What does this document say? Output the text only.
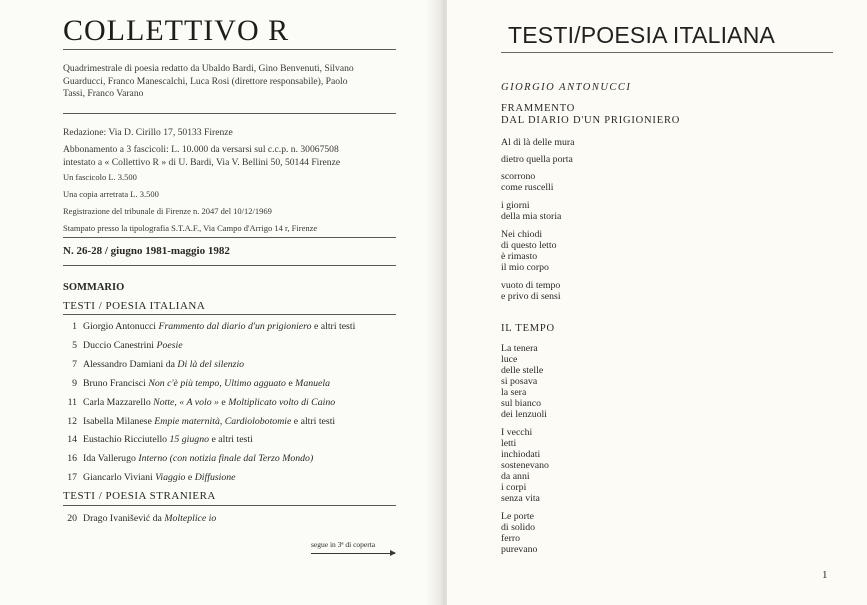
COLLETTIVO R
Quadrimestrale di poesia redatto da Ubaldo Bardi, Gino Benvenuti, Silvano
Guarducci, Franco Manescalchi, Luca Rosi (direttore responsabile), Paolo
Tassi, Franco Varano
Redazione: Via D. Cirillo 17, 50133 Firenze
Abbonamento a 3 fascicoli: L. 10.000 da versarsi sul c.c.p. n. 30067508
intestato a « Collettivo R » di U. Bardi, Via V. Bellini 50, 50144 Firenze
Un fascicolo L. 3.500
Una copia arretrata L. 3.500
Registrazione del tribunale di Firenze n. 2047 del 10/12/1969
Stampato presso la tipolografia S.T.A.F., Via Campo d'Arrigo 14 r, Firenze
N. 26-28 / giugno 1981-maggio 1982
SOMMARIO
TESTI / POESIA ITALIANA
1 Giorgio Antonucci Frammento dal diario d'un prigioniero e altri testi
5 Duccio Canestrini Poesie
7 Alessandro Damiani da Di là del silenzio
9 Bruno Francisci Non c'è più tempo, Ultimo agguato e Manuela
11 Carla Mazzarello Notte, « A volo » e Moltiplicato volto di Caino
12 Isabella Milanese Empie maternità, Cardiolobotomie e altri testi
14 Eustachio Ricciutello 15 giugno e altri testi
16 Ida Vallerugo Interno (con notizia finale dal Terzo Mondo)
17 Giancarlo Viviani Viaggio e Diffusione
TESTI / POESIA STRANIERA
20 Drago Ivanišević da Molteplice io
segue in 3ª di coperta
TESTI/POESIA ITALIANA
GIORGIO ANTONUCCI
FRAMMENTO
DAL DIARIO D'UN PRIGIONIERO
Al di là delle mura
dietro quella porta
scorrono
come ruscelli
i giorni
della mia storia
Nei chiodi
di questo letto
è rimasto
il mio corpo
vuoto di tempo
e privo di sensi
IL TEMPO
La tenera
luce
delle stelle
si posava
la sera
sul bianco
dei lenzuoli
I vecchi
letti
inchiodati
sostenevano
da anni
i corpi
senza vita
Le porte
di solido
ferro
purevano
1
